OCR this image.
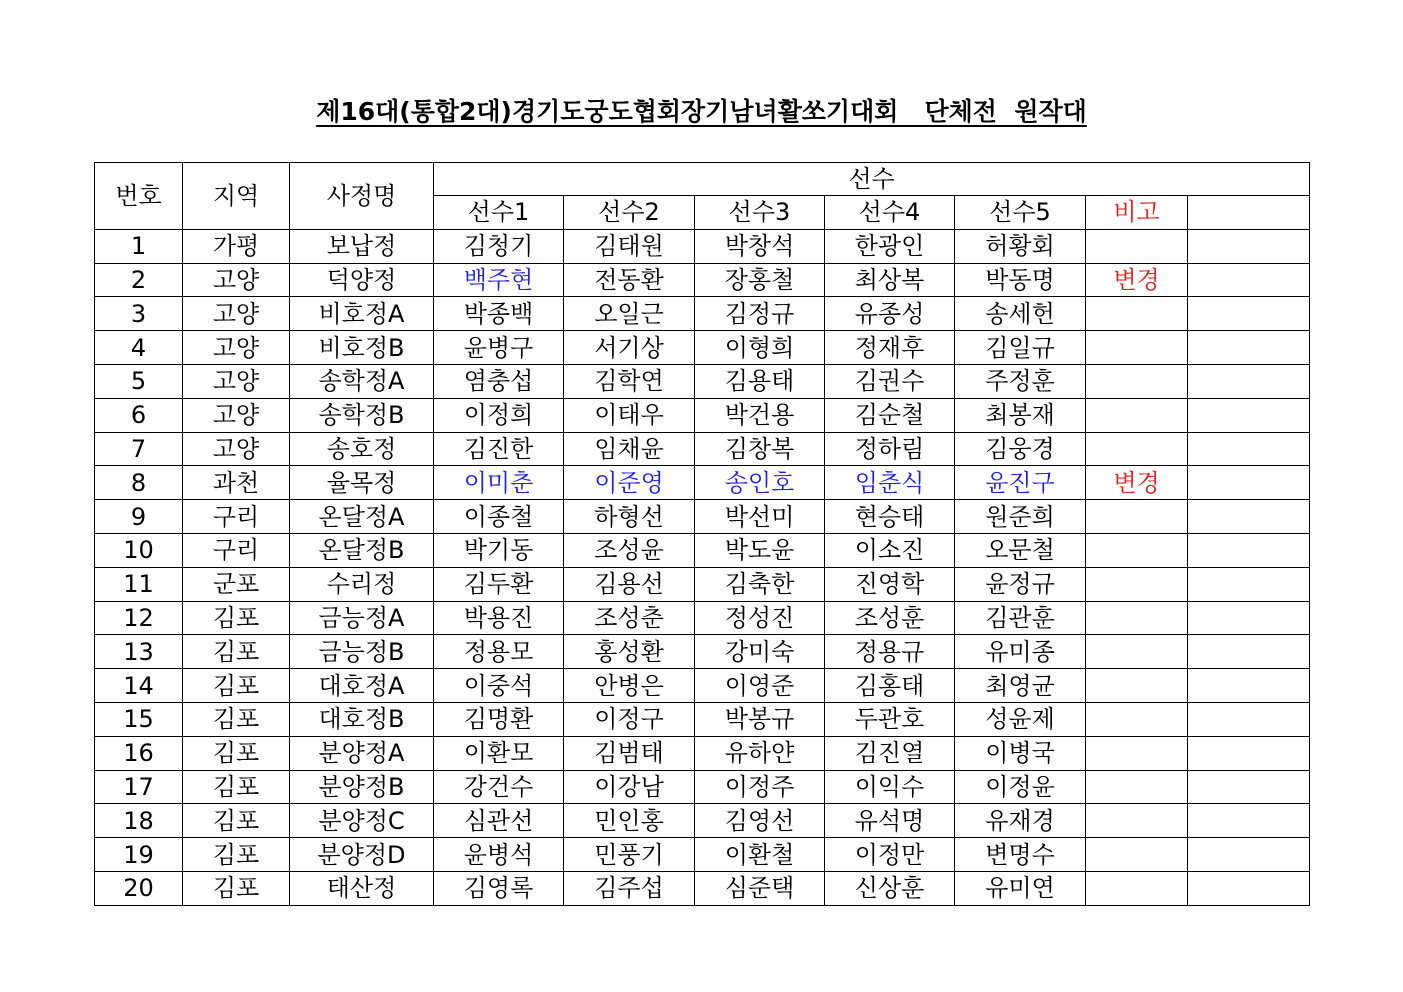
제16대(통합2대)경기도궁도협회장기남녀활쏘기대회   단체전  원작대
번호	지역	사정명	선수						
			선수1	선수2	선수3	선수4	선수5	비고	
1	가평	보납정	김청기	김태원	박창석	한광인	허황회		
2	고양	덕양정	백주현	전동환	장홍철	최상복	박동명	변경	
3	고양	비호정A	박종백	오일근	김정규	유종성	송세헌		
4	고양	비호정B	윤병구	서기상	이형희	정재후	김일규		
5	고양	송학정A	염충섭	김학연	김용태	김권수	주정훈		
6	고양	송학정B	이정희	이태우	박건용	김순철	최봉재		
7	고양	송호정	김진한	임채윤	김창복	정하림	김웅경		
8	과천	율목정	이미춘	이준영	송인호	임춘식	윤진구	변경	
9	구리	온달정A	이종철	하형선	박선미	현승태	원준희		
10	구리	온달정B	박기동	조성윤	박도윤	이소진	오문철		
11	군포	수리정	김두환	김용선	김축한	진영학	윤정규		
12	김포	금능정A	박용진	조성춘	정성진	조성훈	김관훈		
13	김포	금능정B	정용모	홍성환	강미숙	정용규	유미종		
14	김포	대호정A	이중석	안병은	이영준	김홍태	최영균		
15	김포	대호정B	김명환	이정구	박봉규	두관호	성윤제		
16	김포	분양정A	이환모	김범태	유하얀	김진열	이병국		
17	김포	분양정B	강건수	이강남	이정주	이익수	이정윤		
18	김포	분양정C	심관선	민인홍	김영선	유석명	유재경		
19	김포	분양정D	윤병석	민풍기	이환철	이정만	변명수		
20	김포	태산정	김영록	김주섭	심준택	신상훈	유미연		
